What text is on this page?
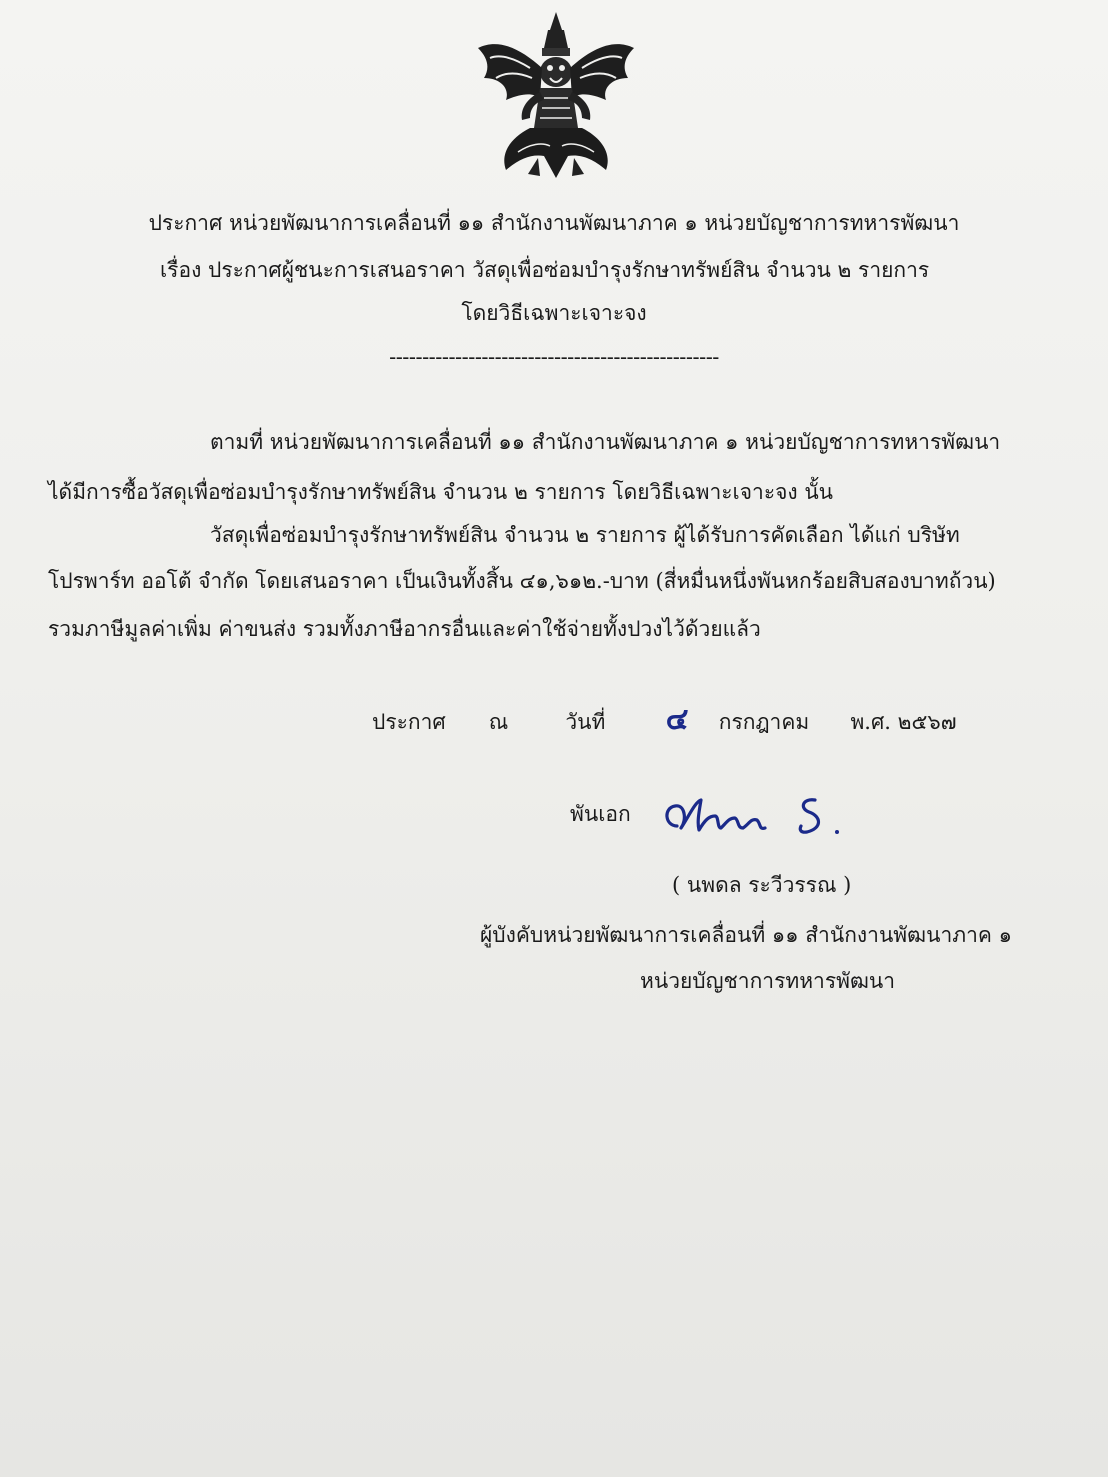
ประกาศ หน่วยพัฒนาการเคลื่อนที่ ๑๑ สำนักงานพัฒนาภาค ๑ หน่วยบัญชาการทหารพัฒนา
เรื่อง ประกาศผู้ชนะการเสนอราคา วัสดุเพื่อซ่อมบำรุงรักษาทรัพย์สิน จำนวน ๒ รายการ
โดยวิธีเฉพาะเจาะจง
--------------------------------------------------
ตามที่ หน่วยพัฒนาการเคลื่อนที่ ๑๑ สำนักงานพัฒนาภาค ๑ หน่วยบัญชาการทหารพัฒนา
ได้มีการซื้อวัสดุเพื่อซ่อมบำรุงรักษาทรัพย์สิน จำนวน ๒ รายการ โดยวิธีเฉพาะเจาะจง นั้น
วัสดุเพื่อซ่อมบำรุงรักษาทรัพย์สิน จำนวน ๒ รายการ ผู้ได้รับการคัดเลือก ได้แก่ บริษัท
โปรพาร์ท ออโต้ จำกัด โดยเสนอราคา เป็นเงินทั้งสิ้น ๔๑,๖๑๒.-บาท (สี่หมื่นหนึ่งพันหกร้อยสิบสองบาทถ้วน)
รวมภาษีมูลค่าเพิ่ม ค่าขนส่ง รวมทั้งภาษีอากรอื่นและค่าใช้จ่ายทั้งปวงไว้ด้วยแล้ว
ประกาศ ณ	วันที่ ๔ กรกฎาคม พ.ศ. ๒๕๖๗
พันเอก
( นพดล ระวีวรรณ )
ผู้บังคับหน่วยพัฒนาการเคลื่อนที่ ๑๑ สำนักงานพัฒนาภาค ๑
หน่วยบัญชาการทหารพัฒนา
